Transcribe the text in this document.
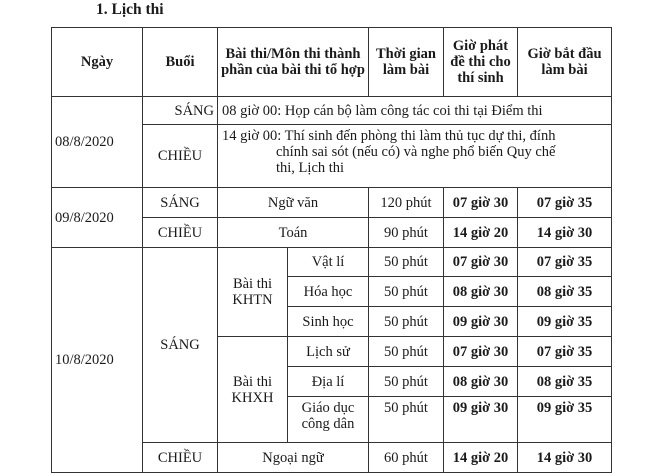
1. Lịch thi
Ngày	Buổi	Bài thi/Môn thi thành phần của bài thi tổ hợp		Thời gian làm bài	Giờ phát đề thi cho thí sinh	Giờ bắt đầu làm bài
08/8/2020	SÁNG	08 giờ 00: Họp cán bộ làm công tác coi thi tại Điểm thi				
	CHIỀU	14 giờ 00: Thí sinh đến phòng thi làm thủ tục dự thi, đính
chính sai sót (nếu có) và nghe phổ biến Quy chế
thi, Lịch thi				

09/8/2020	SÁNG	Ngữ văn		120 phút	07 giờ 30	07 giờ 35
	CHIỀU	Toán		90 phút	14 giờ 20	14 giờ 30
10/8/2020	SÁNG	Bài thi KHTN	Vật lí	50 phút	07 giờ 30	07 giờ 35
			Hóa học	50 phút	08 giờ 30	08 giờ 35
			Sinh học	50 phút	09 giờ 30	09 giờ 35
		Bài thi KHXH	Lịch sử	50 phút	07 giờ 30	07 giờ 35
			Địa lí	50 phút	08 giờ 30	08 giờ 35
			Giáo dục công dân	50 phút	09 giờ 30	09 giờ 35
	CHIỀU	Ngoại ngữ		60 phút	14 giờ 20	14 giờ 30
